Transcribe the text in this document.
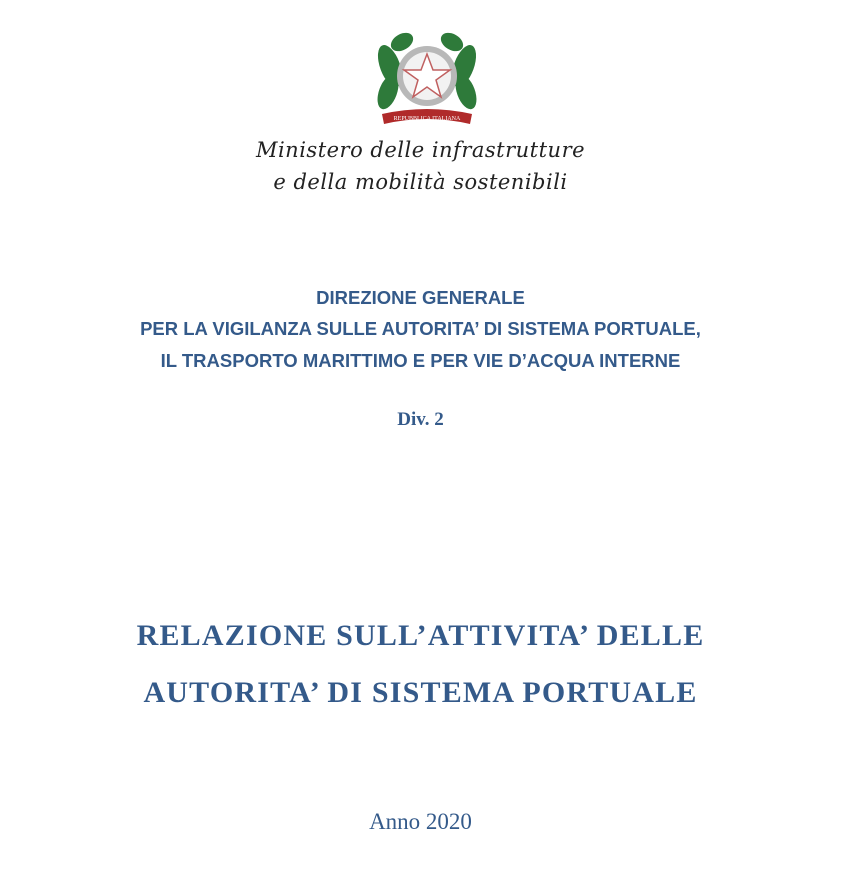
REPUBBLICA ITALIANA
Ministero delle infrastrutture
e della mobilità sostenibili
DIREZIONE GENERALE
PER LA VIGILANZA SULLE AUTORITA’ DI SISTEMA PORTUALE,
IL TRASPORTO MARITTIMO E PER VIE D’ACQUA INTERNE
Div. 2
RELAZIONE SULL’ATTIVITA’ DELLE
AUTORITA’ DI SISTEMA PORTUALE
Anno 2020
